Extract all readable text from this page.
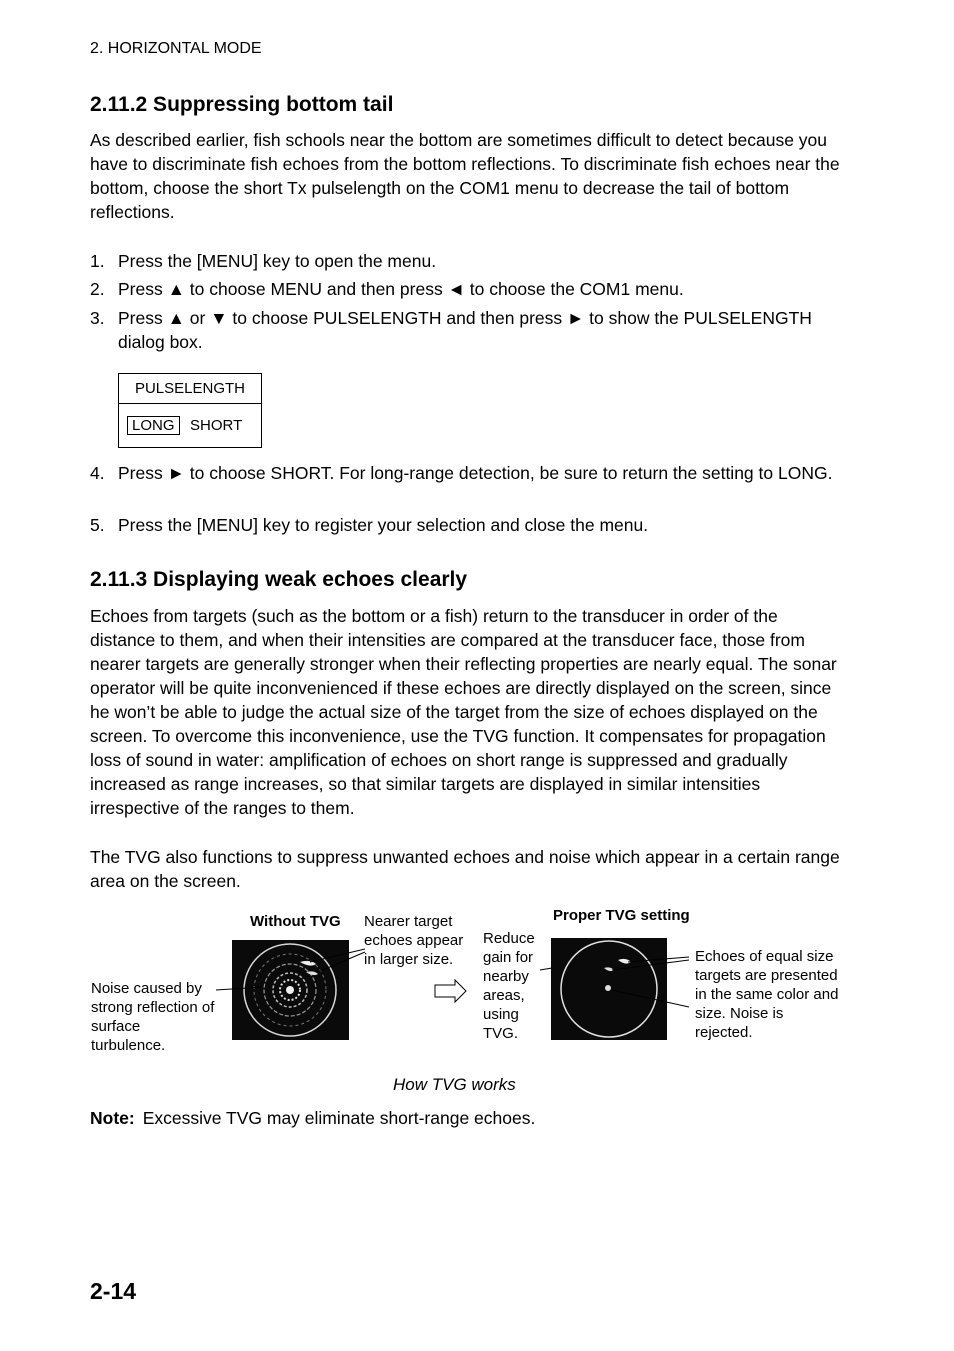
2. HORIZONTAL MODE
2.11.2 Suppressing bottom tail
As described earlier, fish schools near the bottom are sometimes difficult to detect because you have to discriminate fish echoes from the bottom reflections. To discriminate fish echoes near the bottom, choose the short Tx pulselength on the COM1 menu to decrease the tail of bottom reflections.
1. Press the [MENU] key to open the menu.
2. Press ▲ to choose MENU and then press ◄ to choose the COM1 menu.
3. Press ▲ or ▼ to choose PULSELENGTH and then press ► to show the PULSELENGTH dialog box.
PULSELENGTH
LONG	SHORT
4. Press ► to choose SHORT. For long-range detection, be sure to return the setting to LONG.
5. Press the [MENU] key to register your selection and close the menu.
2.11.3 Displaying weak echoes clearly
Echoes from targets (such as the bottom or a fish) return to the transducer in order of the distance to them, and when their intensities are compared at the transducer face, those from nearer targets are generally stronger when their reflecting properties are nearly equal. The sonar operator will be quite inconvenienced if these echoes are directly displayed on the screen, since he won’t be able to judge the actual size of the target from the size of echoes displayed on the screen. To overcome this inconvenience, use the TVG function. It compensates for propagation loss of sound in water: amplification of echoes on short range is suppressed and gradually increased as range increases, so that similar targets are displayed in similar intensities irrespective of the ranges to them.
The TVG also functions to suppress unwanted echoes and noise which appear in a certain range area on the screen.
Without TVG Nearer target echoes appear in larger size.
Noise caused by strong reflection of surface turbulence.
Reduce gain for nearby areas, using TVG.
Proper TVG setting
Echoes of equal size targets are presented in the same color and size. Noise is rejected.
How TVG works
Note: Excessive TVG may eliminate short-range echoes.
2-14
